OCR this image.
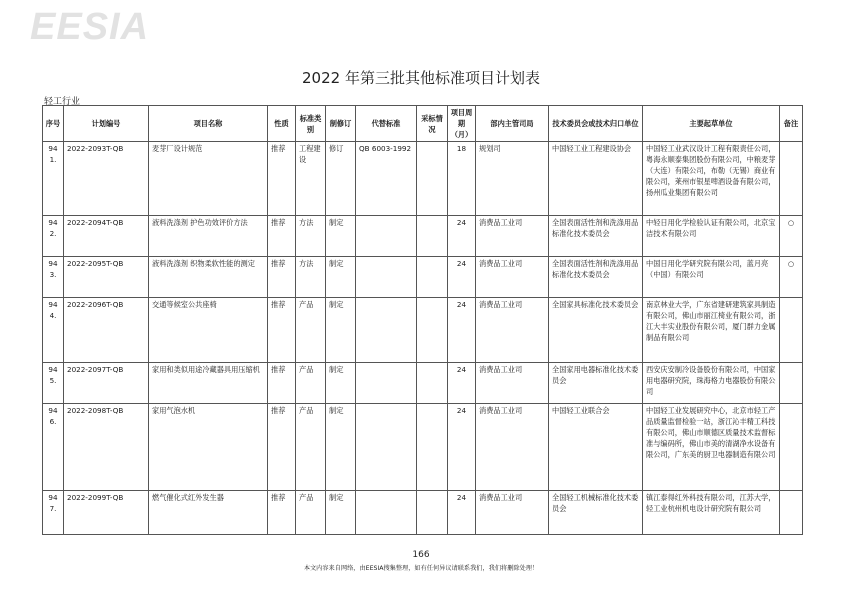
EESIA
2022 年第三批其他标准项目计划表
轻工行业
序号	计划编号	项目名称	性质	标准类别	制修订	代替标准	采标情况	项目周期（月）	部内主管司局	技术委员会或技术归口单位	主要起草单位	备注
941.	2022-2093T-QB	麦芽厂设计规范	推荐	工程建设	修订	QB 6003-1992		18	规划司	中国轻工业工程建设协会	中国轻工业武汉设计工程有限责任公司，粤海永顺泰集团股份有限公司，中粮麦芽（大连）有限公司，布勒（无锡）商业有限公司，莱州市银星啤酒设备有限公司，扬州瓜业集团有限公司	
942.	2022-2094T-QB	液料洗涤剂 护色功效评价方法	推荐	方法	制定			24	消费品工业司	全国表面活性剂和洗涤用品标准化技术委员会	中轻日用化学检验认证有限公司，北京宝洁技术有限公司	○
943.	2022-2095T-QB	液料洗涤剂 织物柔软性能的测定	推荐	方法	制定			24	消费品工业司	全国表面活性剂和洗涤用品标准化技术委员会	中国日用化学研究院有限公司，蓝月亮（中国）有限公司	○
944.	2022-2096T-QB	交通等候室公共座椅	推荐	产品	制定			24	消费品工业司	全国家具标准化技术委员会	南京林业大学，广东省建研建筑家具制造有限公司，佛山市丽江椅业有限公司，浙江大丰实业股份有限公司，厦门群力金属制品有限公司	
945.	2022-2097T-QB	家用和类似用途冷藏器具用压缩机	推荐	产品	制定			24	消费品工业司	全国家用电器标准化技术委员会	西安庆安制冷设备股份有限公司，中国家用电器研究院，珠海格力电器股份有限公司	
946.	2022-2098T-QB	家用气泡水机	推荐	产品	制定			24	消费品工业司	中国轻工业联合会	中国轻工业发展研究中心，北京市轻工产品质量监督检验一站，浙江沁丰精工科技有限公司，佛山市顺德区质量技术监督标准与编码所，佛山市美的清湖净水设备有限公司，广东美的厨卫电器制造有限公司	
947.	2022-2099T-QB	燃气催化式红外发生器	推荐	产品	制定			24	消费品工业司	全国轻工机械标准化技术委员会	镇江泰得红外科技有限公司，江苏大学，轻工业杭州机电设计研究院有限公司	
166
本文内容来自网络，由EESIA搜集整理，如有任何异议请联系我们，我们将删除处理！
